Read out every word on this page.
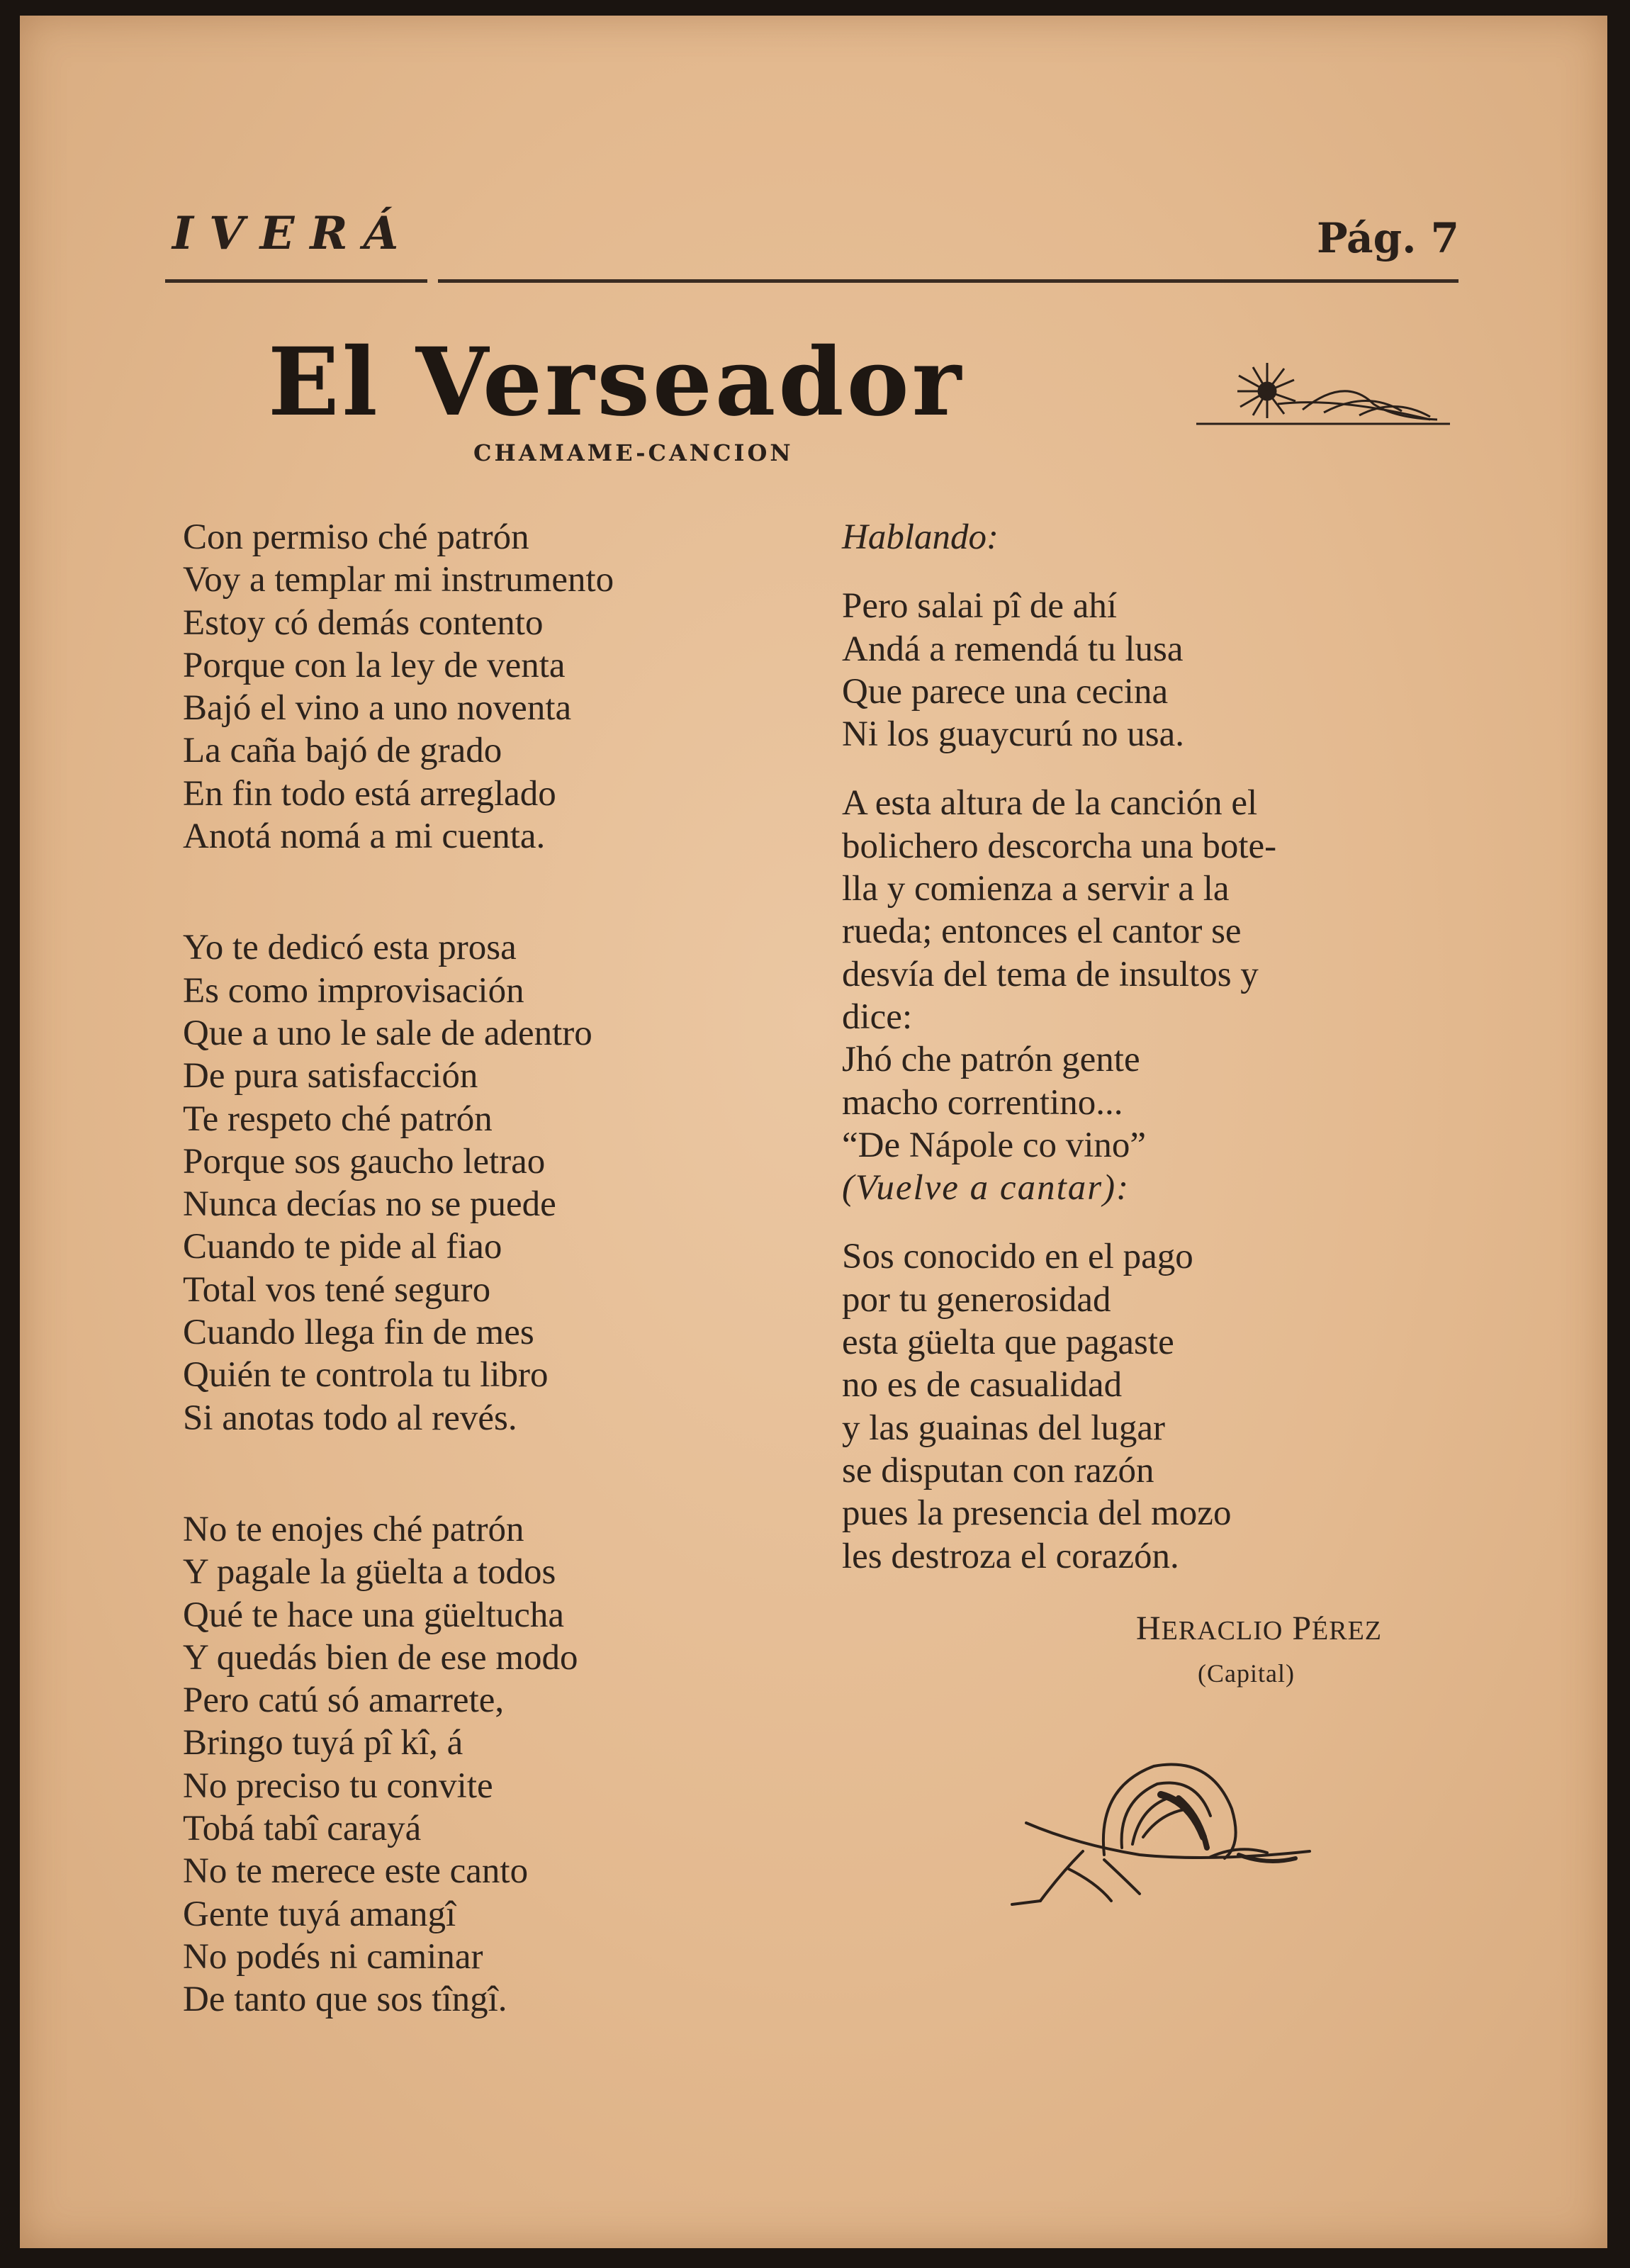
IVERÁ	Pág. 7
El Verseador
CHAMAME-CANCION
Con permiso ché patrón
Voy a templar mi instrumento
Estoy có demás contento
Porque con la ley de venta
Bajó el vino a uno noventa
La caña bajó de grado
En fin todo está arreglado
Anotá nomá a mi cuenta.
Yo te dedicó esta prosa
Es como improvisación
Que a uno le sale de adentro
De pura satisfacción
Te respeto ché patrón
Porque sos gaucho letrao
Nunca decías no se puede
Cuando te pide al fiao
Total vos tené seguro
Cuando llega fin de mes
Quién te controla tu libro
Si anotas todo al revés.
No te enojes ché patrón
Y pagale la güelta a todos
Qué te hace una güeltucha
Y quedás bien de ese modo
Pero catú só amarrete,
Bringo tuyá pî kî, á
No preciso tu convite
Tobá tabî carayá
No te merece este canto
Gente tuyá amangî
No podés ni caminar
De tanto que sos tîngî.
Hablando:
Pero salai pî de ahí
Andá a remendá tu lusa
Que parece una cecina
Ni los guaycurú no usa.
A esta altura de la canción el
bolichero descorcha una bote-
lla y comienza a servir a la
rueda; entonces el cantor se
desvía del tema de insultos y
dice:
Jhó che patrón gente
macho correntino...
“De Nápole co vino”
(Vuelve a cantar):
Sos conocido en el pago
por tu generosidad
esta güelta que pagaste
no es de casualidad
y las guainas del lugar
se disputan con razón
pues la presencia del mozo
les destroza el corazón.
HERACLIO PÉREZ
(Capital)
